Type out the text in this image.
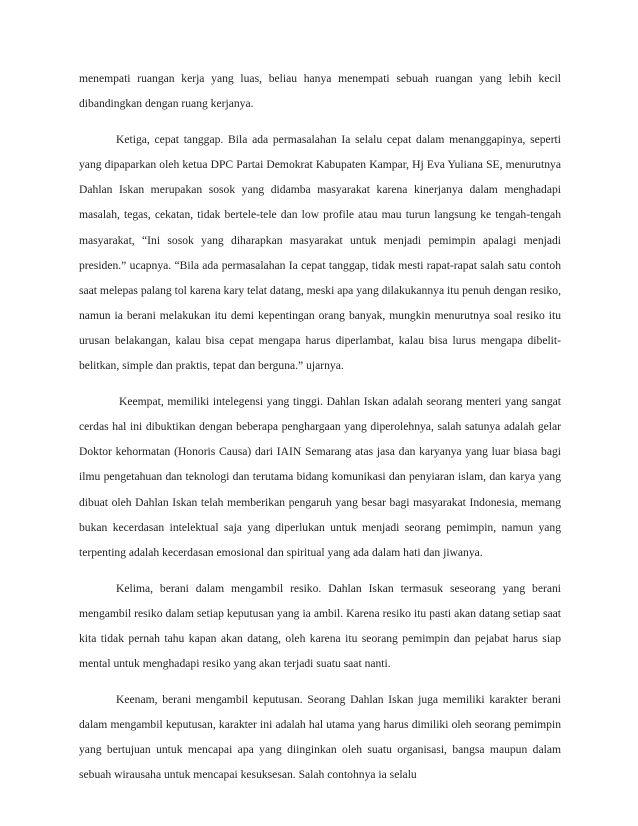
menempati ruangan kerja yang luas, beliau hanya menempati sebuah ruangan yang lebih kecil dibandingkan dengan ruang kerjanya.

Ketiga, cepat tanggap. Bila ada permasalahan Ia selalu cepat dalam menanggapinya, seperti yang dipaparkan oleh ketua DPC Partai Demokrat Kabupaten Kampar, Hj Eva Yuliana SE, menurutnya Dahlan Iskan merupakan sosok yang didamba masyarakat karena kinerjanya dalam menghadapi masalah, tegas, cekatan, tidak bertele-tele dan low profile atau mau turun langsung ke tengah-tengah masyarakat, “Ini sosok yang diharapkan masyarakat untuk menjadi pemimpin apalagi menjadi presiden.” ucapnya. “Bila ada permasalahan Ia cepat tanggap, tidak mesti rapat-rapat salah satu contoh saat melepas palang tol karena kary telat datang, meski apa yang dilakukannya itu penuh dengan resiko, namun ia berani melakukan itu demi kepentingan orang banyak, mungkin menurutnya soal resiko itu urusan belakangan, kalau bisa cepat mengapa harus diperlambat, kalau bisa lurus mengapa dibelit-belitkan, simple dan praktis, tepat dan berguna.” ujarnya.

Keempat, memiliki intelegensi yang tinggi. Dahlan Iskan adalah seorang menteri yang sangat cerdas hal ini dibuktikan dengan beberapa penghargaan yang diperolehnya, salah satunya adalah gelar Doktor kehormatan (Honoris Causa) dari IAIN Semarang atas jasa dan karyanya yang luar biasa bagi ilmu pengetahuan dan teknologi dan terutama bidang komunikasi dan penyiaran islam, dan karya yang dibuat oleh Dahlan Iskan telah memberikan pengaruh yang besar bagi masyarakat Indonesia, memang bukan kecerdasan intelektual saja yang diperlukan untuk menjadi seorang pemimpin, namun yang terpenting adalah kecerdasan emosional dan spiritual yang ada dalam hati dan jiwanya.

Kelima, berani dalam mengambil resiko. Dahlan Iskan termasuk seseorang yang berani mengambil resiko dalam setiap keputusan yang ia ambil. Karena resiko itu pasti akan datang setiap saat kita tidak pernah tahu kapan akan datang, oleh karena itu seorang pemimpin dan pejabat harus siap mental untuk menghadapi resiko yang akan terjadi suatu saat nanti.

Keenam, berani mengambil keputusan. Seorang Dahlan Iskan juga memiliki karakter berani dalam mengambil keputusan, karakter ini adalah hal utama yang harus dimiliki oleh seorang pemimpin yang bertujuan untuk mencapai apa yang diinginkan oleh suatu organisasi, bangsa maupun dalam sebuah wirausaha untuk mencapai kesuksesan. Salah contohnya ia selalu
